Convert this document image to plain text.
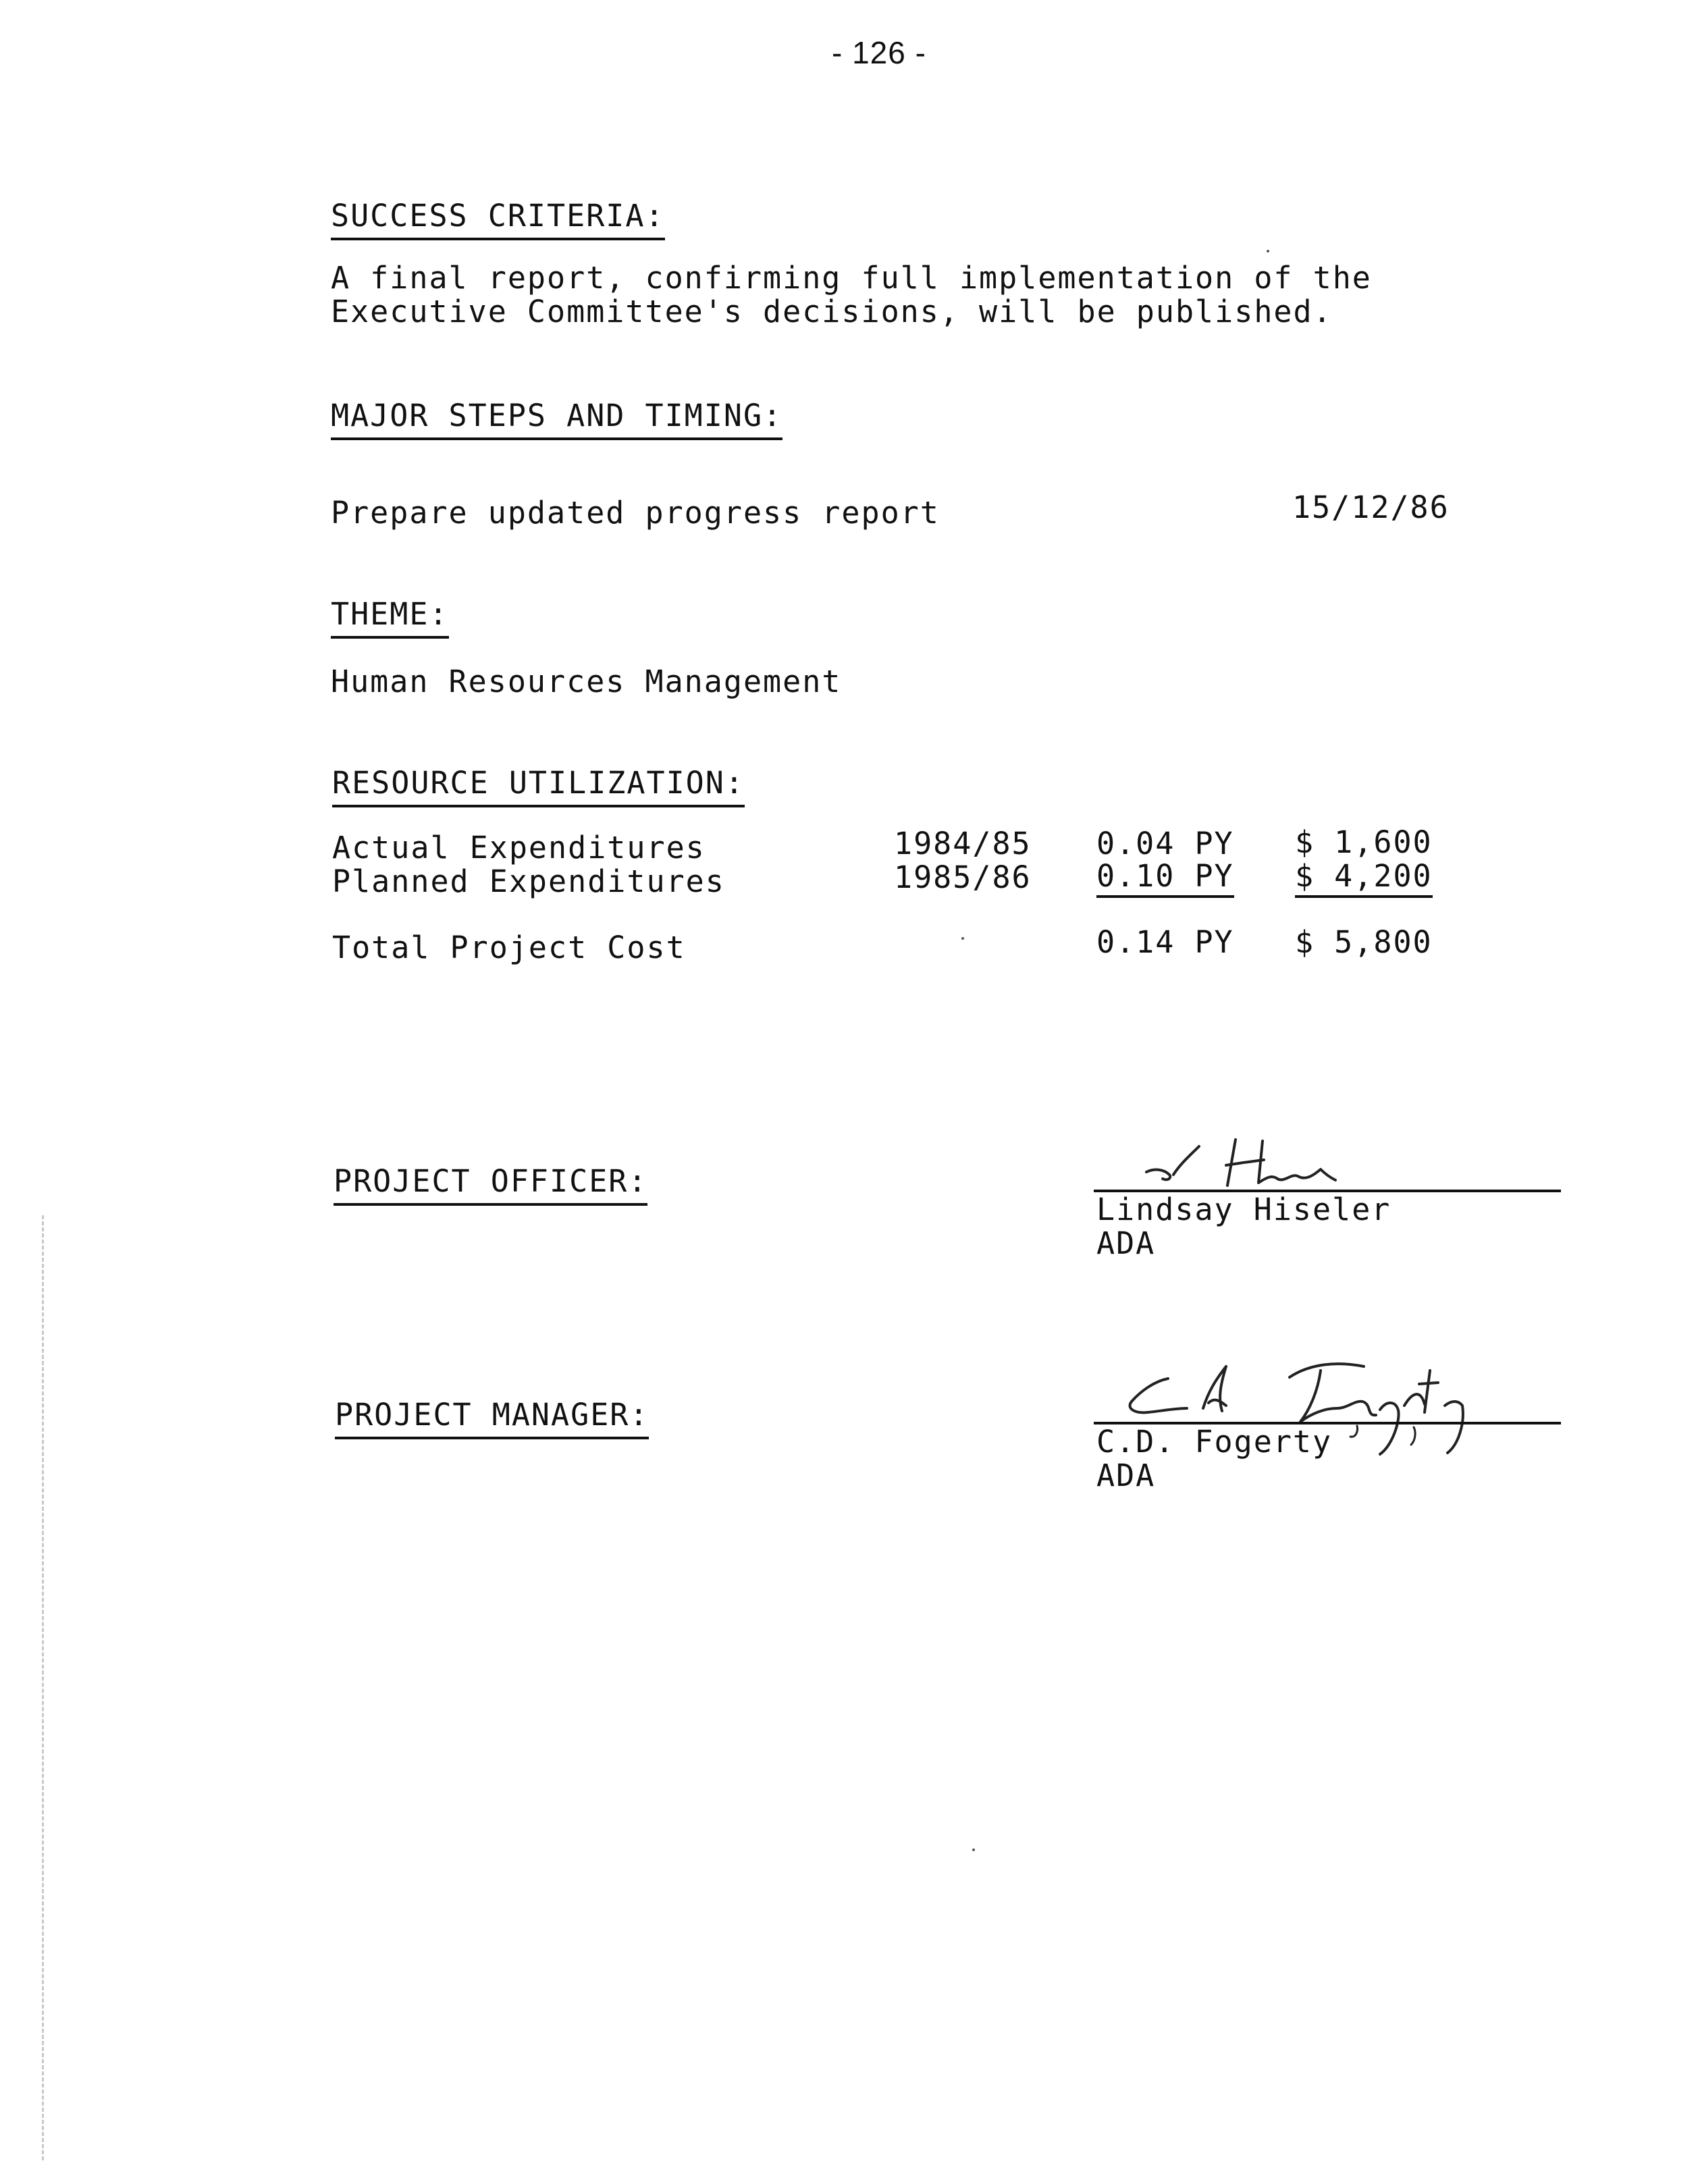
- 126 -
SUCCESS CRITERIA:
A final report, confirming full implementation of the
Executive Committee's decisions, will be published.
MAJOR STEPS AND TIMING:
Prepare updated progress report	15/12/86
THEME:
Human Resources Management
RESOURCE UTILIZATION:
Actual Expenditures	1984/85 0.04 PY $ 1,600
Planned Expenditures	1985/86 0.10 PY $ 4,200
Total Project Cost	0.14 PY $ 5,800
PROJECT OFFICER:
Lindsay Hiseler
ADA
PROJECT MANAGER:
C.D. Fogerty
ADA
